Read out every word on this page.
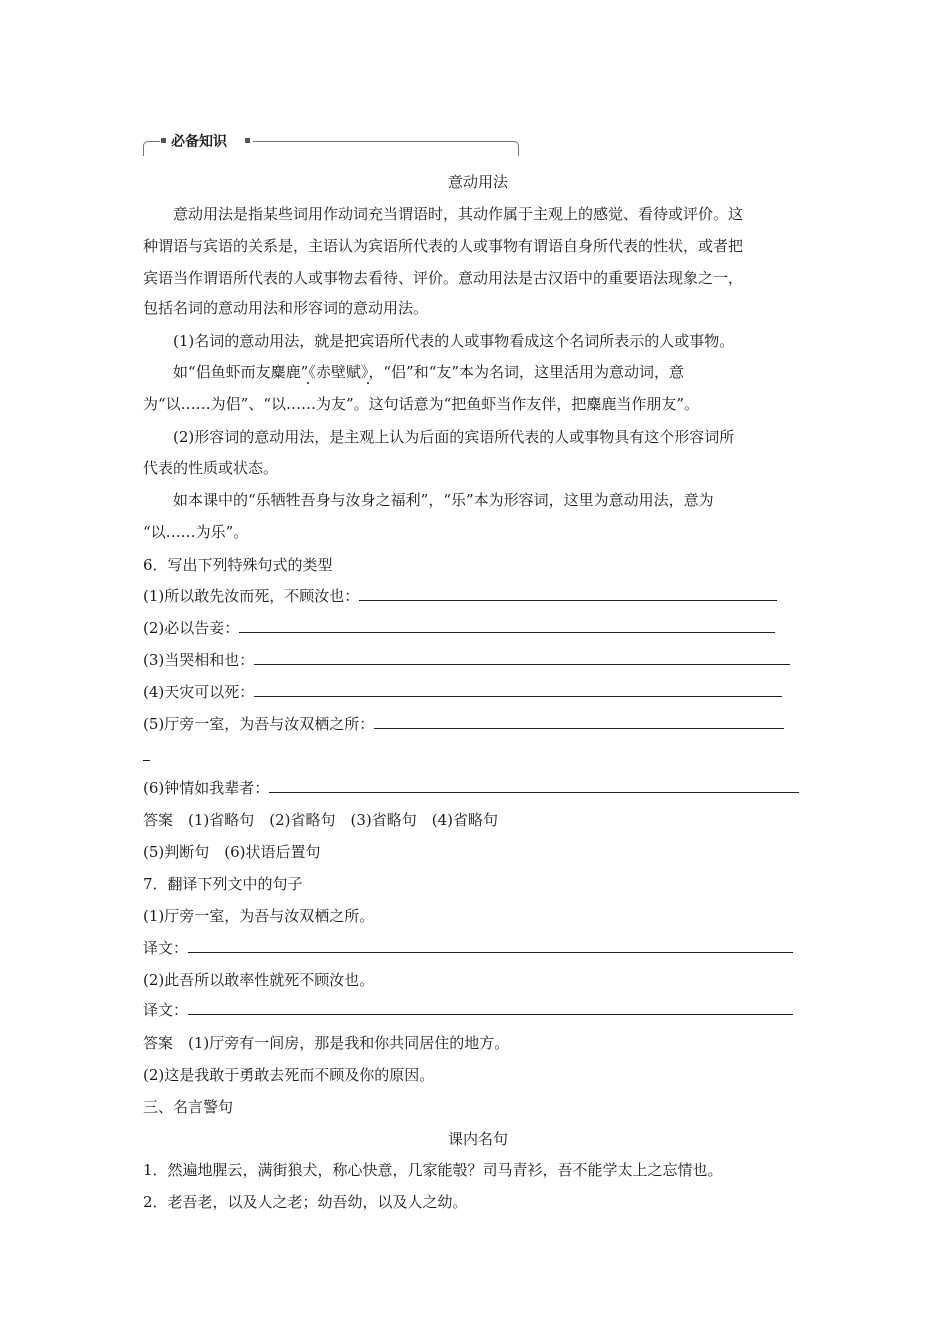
必备知识
意动用法
意动用法是指某些词用作动词充当谓语时，其动作属于主观上的感觉、看待或评价。这
种谓语与宾语的关系是，主语认为宾语所代表的人或事物有谓语自身所代表的性状，或者把
宾语当作谓语所代表的人或事物去看待、评价。意动用法是古汉语中的重要语法现象之一，
包括名词的意动用法和形容词的意动用法。
(1)名词的意动用法，就是把宾语所代表的人或事物看成这个名词所表示的人或事物。
如“侣鱼虾而友麋鹿”《赤壁赋》，“侣”和“友”本为名词，这里活用为意动词，意
为“以……为侣”、“以……为友”。这句话意为“把鱼虾当作友伴，把麋鹿当作朋友”。
(2)形容词的意动用法，是主观上认为后面的宾语所代表的人或事物具有这个形容词所
代表的性质或状态。
如本课中的“乐牺牲吾身与汝身之福利”，“乐”本为形容词，这里为意动用法，意为
“以……为乐”。
6．写出下列特殊句式的类型
(1)所以敢先汝而死，不顾汝也：
(2)必以告妾：
(3)当哭相和也：
(4)天灾可以死：
(5)厅旁一室，为吾与汝双栖之所：
(6)钟情如我辈者：
答案　 (1)省略句　(2)省略句　(3)省略句　(4)省略句
(5)判断句　(6)状语后置句
7．翻译下列文中的句子
(1)厅旁一室，为吾与汝双栖之所。
译文：
(2)此吾所以敢率性就死不顾汝也。
译文：
答案　 (1)厅旁有一间房，那是我和你共同居住的地方。
(2)这是我敢于勇敢去死而不顾及你的原因。
三、名言警句
课内名句
1．然遍地腥云，满街狼犬，称心快意，几家能彀？司马青衫，吾不能学太上之忘情也。
2．老吾老，以及人之老；幼吾幼，以及人之幼。
